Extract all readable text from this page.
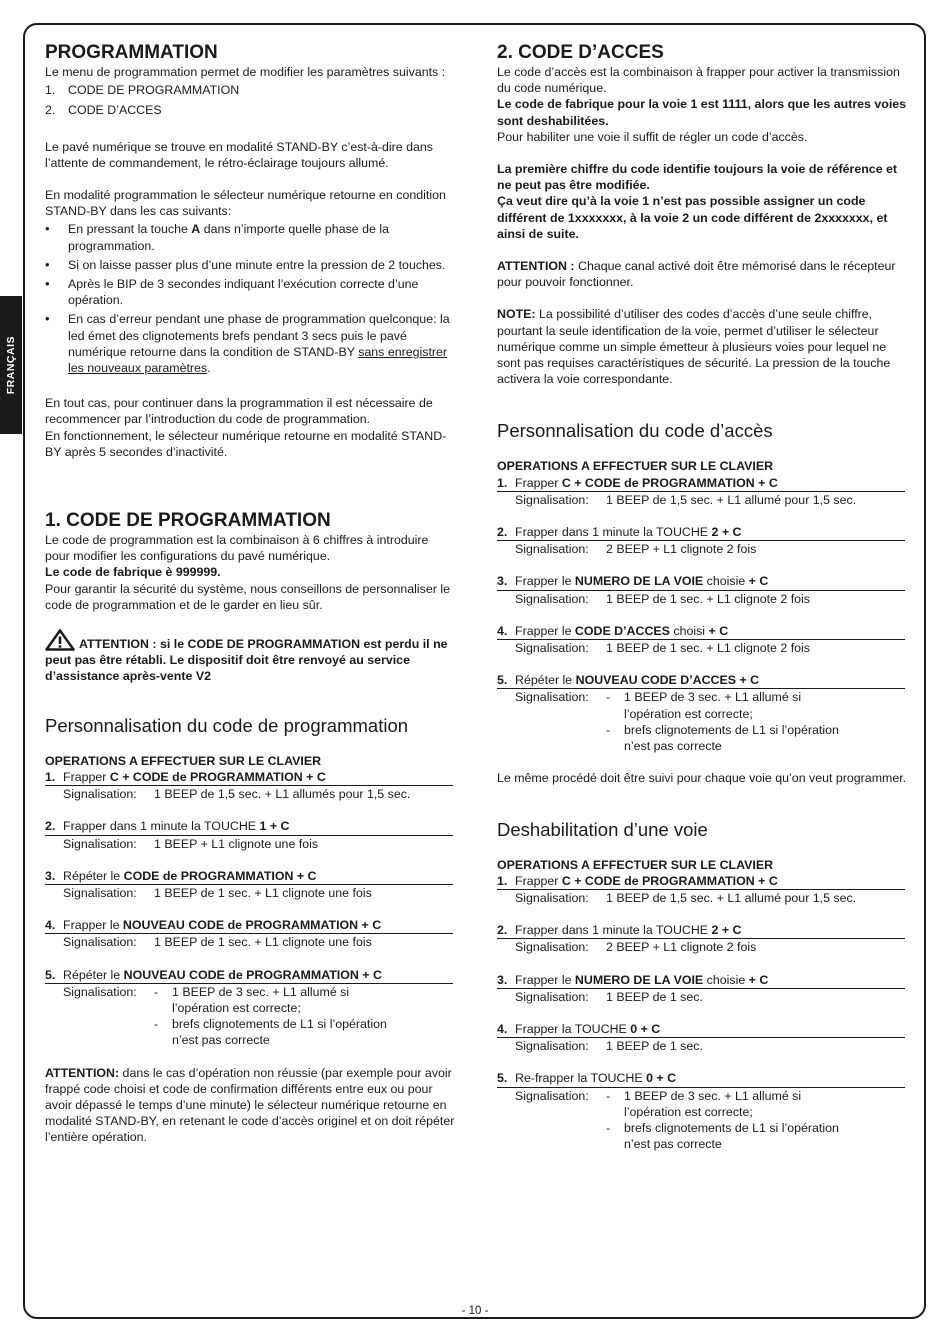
FRANÇAIS
PROGRAMMATION

Le menu de programmation permet de modifier les paramètres suivants :

1.	CODE DE PROGRAMMATION
2.	CODE D’ACCES

Le pavé numérique se trouve en modalité STAND-BY c’est-à-dire dans l’attente de commandement, le rétro-éclairage toujours allumé.

En modalité programmation le sélecteur numérique retourne en condition STAND-BY dans les cas suivants:

•	En pressant la touche A dans n’importe quelle phase de la programmation.
•	Si on laisse passer plus d’une minute entre la pression de 2 touches.
•	Après le BIP de 3 secondes indiquant l’exécution correcte d’une opération.
•	En cas d’erreur pendant une phase de programmation quelconque: la led émet des clignotements brefs pendant 3 secs puis le pavé numérique retourne dans la condition de STAND-BY sans enregistrer les nouveaux paramètres.

En tout cas, pour continuer dans la programmation il est nécessaire de recommencer par l’introduction du code de programmation.

En fonctionnement, le sélecteur numérique retourne en modalité STAND-BY après 5 secondes d’inactivité.

1. CODE DE PROGRAMMATION

Le code de programmation est la combinaison à 6 chiffres à introduire pour modifier les configurations du pavé numérique.

Le code de fabrique è 999999.

Pour garantir la sécurité du système, nous conseillons de personnaliser le code de programmation et de le garder en lieu sûr.

ATTENTION : si le CODE DE PROGRAMMATION est perdu il ne peut pas être rétabli. Le dispositif doit être renvoyé au service d’assistance après-vente V2

Personnalisation du code de programmation
OPERATIONS A EFFECTUER SUR LE CLAVIER
1. Frapper C + CODE de PROGRAMMATION + C
Signalisation:	1 BEEP de 1,5 sec. + L1 allumés pour 1,5 sec.
2. Frapper dans 1 minute la TOUCHE 1 + C
Signalisation:	1 BEEP + L1 clignote une fois
3. Répéter le CODE de PROGRAMMATION + C
Signalisation:	1 BEEP de 1 sec. + L1 clignote une fois
4. Frapper le NOUVEAU CODE de PROGRAMMATION + C
Signalisation:	1 BEEP de 1 sec. + L1 clignote une fois
5. Répéter le NOUVEAU CODE de PROGRAMMATION + C
Signalisation:	-	1 BEEP de 3 sec. + L1 allumé si
l’opération est correcte;
-	brefs clignotements de L1 si l’opération
n’est pas correcte

ATTENTION: dans le cas d’opération non réussie (par exemple pour avoir frappé code choisi et code de confirmation différents entre eux ou pour avoir dépassé le temps d’une minute) le sélecteur numérique retourne en modalité STAND-BY, en retenant le code d’accès originel et on doit répéter l’entière opération.

2. CODE D’ACCES

Le code d’accès est la combinaison à frapper pour activer la transmission du code numérique.

Le code de fabrique pour la voie 1 est 1111, alors que les autres voies sont deshabilitées.

Pour habiliter une voie il suffit de régler un code d’accès.

La première chiffre du code identifie toujours la voie de référence et ne peut pas être modifiée.

Ça veut dire qu’à la voie 1 n’est pas possible assigner un code différent de 1xxxxxxx, à la voie 2 un code différent de 2xxxxxxx, et ainsi de suite.

ATTENTION : Chaque canal activé doit être mémorisé dans le récepteur pour pouvoir fonctionner.

NOTE: La possibilité d’utiliser des codes d’accès d’une seule chiffre, pourtant la seule identification de la voie, permet d’utiliser le sélecteur numérique comme un simple émetteur à plusieurs voies pour lequel ne sont pas requises caractéristiques de sécurité. La pression de la touche activera la voie correspondante.

Personnalisation du code d’accès
OPERATIONS A EFFECTUER SUR LE CLAVIER
1. Frapper C + CODE de PROGRAMMATION + C
Signalisation:	1 BEEP de 1,5 sec. + L1 allumé pour 1,5 sec.
2. Frapper dans 1 minute la TOUCHE 2 + C
Signalisation:	2 BEEP + L1 clignote 2 fois
3. Frapper le NUMERO DE LA VOIE choisie + C
Signalisation:	1 BEEP de 1 sec. + L1 clignote 2 fois
4. Frapper le CODE D’ACCES choisi + C
Signalisation:	1 BEEP de 1 sec. + L1 clignote 2 fois
5. Répéter le NOUVEAU CODE D’ACCES + C
Signalisation:	-	1 BEEP de 3 sec. + L1 allumé si
l’opération est correcte;
-	brefs clignotements de L1 si l’opération
n’est pas correcte

Le même procédé doit être suivi pour chaque voie qu’on veut programmer.

Deshabilitation d’une voie
OPERATIONS A EFFECTUER SUR LE CLAVIER
1. Frapper C + CODE de PROGRAMMATION + C
Signalisation:	1 BEEP de 1,5 sec. + L1 allumé pour 1,5 sec.
2. Frapper dans 1 minute la TOUCHE 2 + C
Signalisation:	2 BEEP + L1 clignote 2 fois
3. Frapper le NUMERO DE LA VOIE choisie + C
Signalisation:	1 BEEP de 1 sec.
4. Frapper la TOUCHE 0 + C
Signalisation:	1 BEEP de 1 sec.
5. Re-frapper la TOUCHE 0 + C
Signalisation:	-	1 BEEP de 3 sec. + L1 allumé si
l’opération est correcte;
-	brefs clignotements de L1 si l’opération
n’est pas correcte
- 10 -
